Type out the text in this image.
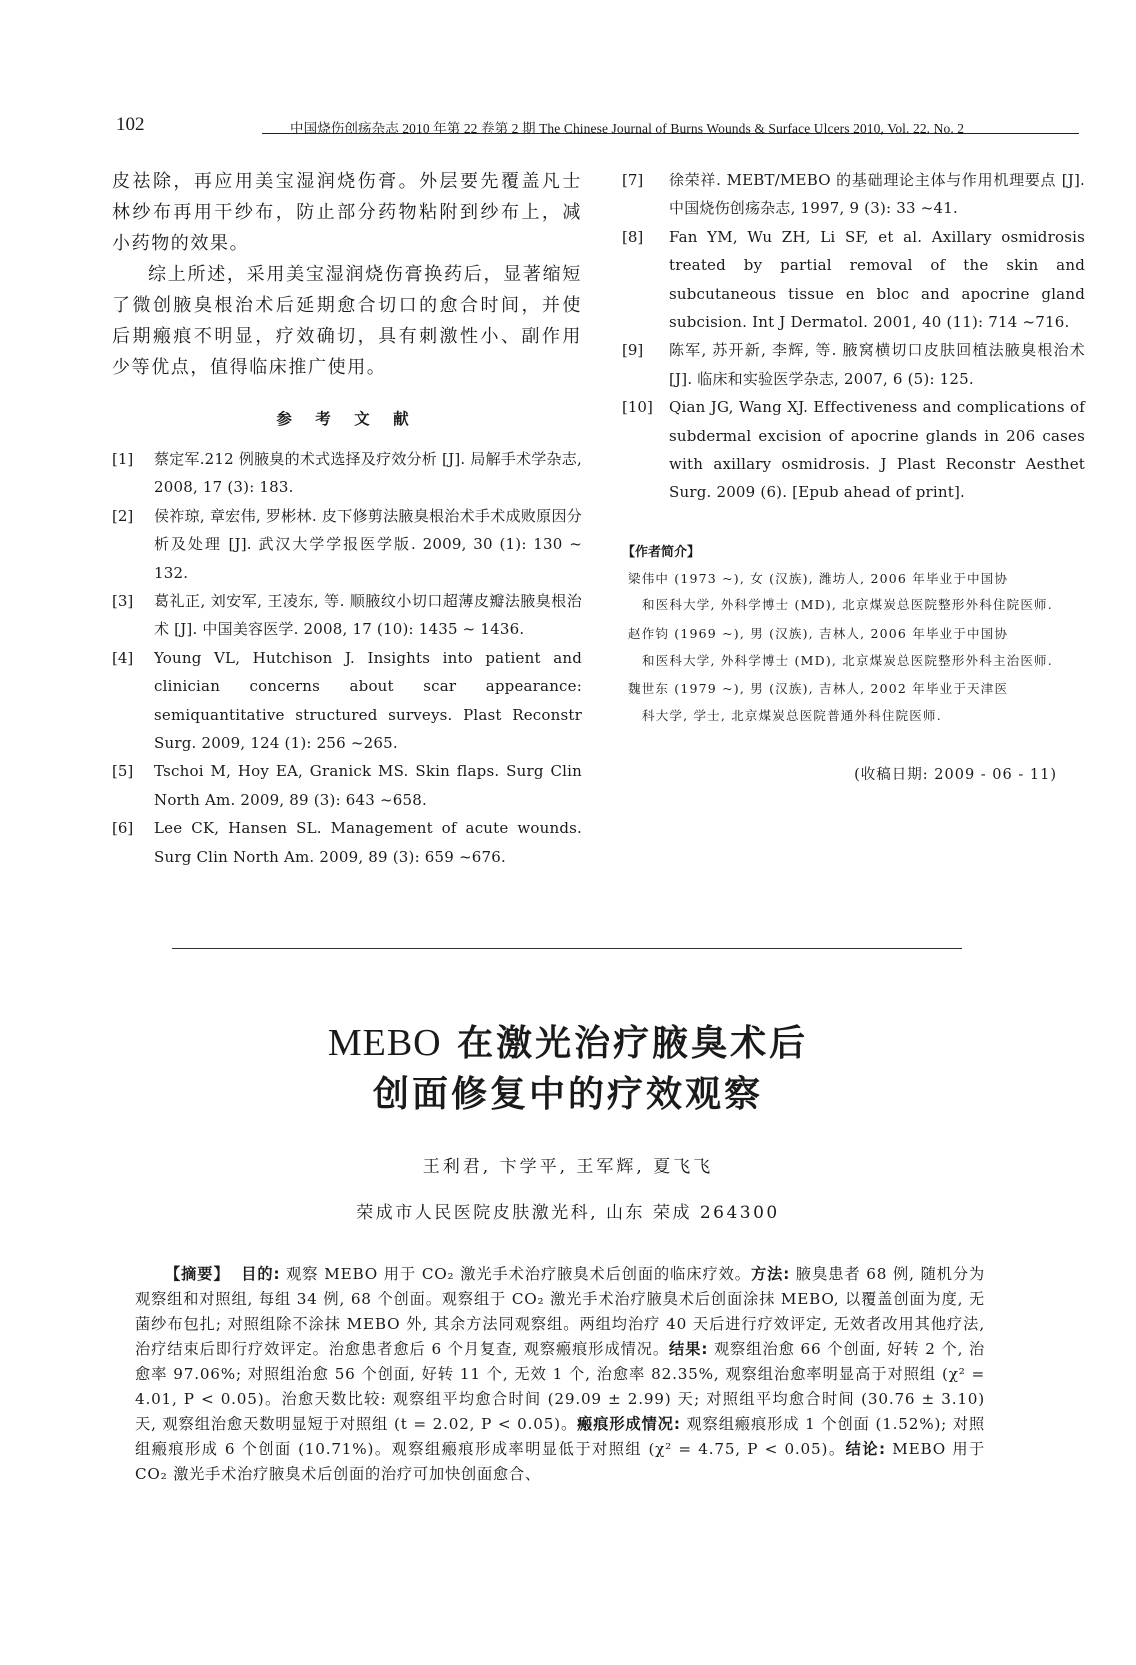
102	中国烧伤创疡杂志 2010 年第 22 卷第 2 期 The Chinese Journal of Burns Wounds & Surface Ulcers 2010, Vol. 22. No. 2

皮祛除，再应用美宝湿润烧伤膏。外层要先覆盖凡士林纱布再用干纱布，防止部分药物粘附到纱布上，减小药物的效果。

综上所述，采用美宝湿润烧伤膏换药后，显著缩短了微创腋臭根治术后延期愈合切口的愈合时间，并使后期瘢痕不明显，疗效确切，具有刺激性小、副作用少等优点，值得临床推广使用。

参 考 文 献
[1]	蔡定军.212 例腋臭的术式选择及疗效分析 [J]. 局解手术学杂志, 2008, 17 (3): 183.
[2]	侯祚琼, 章宏伟, 罗彬林. 皮下修剪法腋臭根治术手术成败原因分析及处理 [J]. 武汉大学学报医学版. 2009, 30 (1): 130 ~ 132.
[3]	葛礼正, 刘安军, 王凌东, 等. 顺腋纹小切口超薄皮瓣法腋臭根治术 [J]. 中国美容医学. 2008, 17 (10): 1435 ~ 1436.
[4]	Young VL, Hutchison J. Insights into patient and clinician concerns about scar appearance: semiquantitative structured surveys. Plast Reconstr Surg. 2009, 124 (1): 256 ~265.
[5]	Tschoi M, Hoy EA, Granick MS. Skin flaps. Surg Clin North Am. 2009, 89 (3): 643 ~658.
[6]	Lee CK, Hansen SL. Management of acute wounds. Surg Clin North Am. 2009, 89 (3): 659 ~676.
[7]	徐荣祥. MEBT/MEBO 的基础理论主体与作用机理要点 [J]. 中国烧伤创疡杂志, 1997, 9 (3): 33 ~41.
[8]	Fan YM, Wu ZH, Li SF, et al. Axillary osmidrosis treated by partial removal of the skin and subcutaneous tissue en bloc and apocrine gland subcision. Int J Dermatol. 2001, 40 (11): 714 ~716.
[9]	陈军, 苏开新, 李辉, 等. 腋窝横切口皮肤回植法腋臭根治术 [J]. 临床和实验医学杂志, 2007, 6 (5): 125.
[10]	Qian JG, Wang XJ. Effectiveness and complications of subdermal excision of apocrine glands in 206 cases with axillary osmidrosis. J Plast Reconstr Aesthet Surg. 2009 (6). [Epub ahead of print].
【作者简介】
梁伟中 (1973 ~), 女 (汉族), 潍坊人, 2006 年毕业于中国协
和医科大学, 外科学博士 (MD), 北京煤炭总医院整形外科住院医师.
赵作钧 (1969 ~), 男 (汉族), 吉林人, 2006 年毕业于中国协
和医科大学, 外科学博士 (MD), 北京煤炭总医院整形外科主治医师.
魏世东 (1979 ~), 男 (汉族), 吉林人, 2002 年毕业于天津医
科大学, 学士, 北京煤炭总医院普通外科住院医师.
(收稿日期: 2009 - 06 - 11)
MEBO 在激光治疗腋臭术后
创面修复中的疗效观察
王利君, 卞学平, 王军辉, 夏飞飞
荣成市人民医院皮肤激光科, 山东 荣成 264300
【摘要】 目的: 观察 MEBO 用于 CO₂ 激光手术治疗腋臭术后创面的临床疗效。方法: 腋臭患者 68 例, 随机分为观察组和对照组, 每组 34 例, 68 个创面。观察组于 CO₂ 激光手术治疗腋臭术后创面涂抹 MEBO, 以覆盖创面为度, 无菌纱布包扎; 对照组除不涂抹 MEBO 外, 其余方法同观察组。两组均治疗 40 天后进行疗效评定, 无效者改用其他疗法, 治疗结束后即行疗效评定。治愈患者愈后 6 个月复查, 观察瘢痕形成情况。结果: 观察组治愈 66 个创面, 好转 2 个, 治愈率 97.06%; 对照组治愈 56 个创面, 好转 11 个, 无效 1 个, 治愈率 82.35%, 观察组治愈率明显高于对照组 (χ² = 4.01, P < 0.05)。治愈天数比较: 观察组平均愈合时间 (29.09 ± 2.99) 天; 对照组平均愈合时间 (30.76 ± 3.10) 天, 观察组治愈天数明显短于对照组 (t = 2.02, P < 0.05)。瘢痕形成情况: 观察组瘢痕形成 1 个创面 (1.52%); 对照组瘢痕形成 6 个创面 (10.71%)。观察组瘢痕形成率明显低于对照组 (χ² = 4.75, P < 0.05)。结论: MEBO 用于 CO₂ 激光手术治疗腋臭术后创面的治疗可加快创面愈合、
